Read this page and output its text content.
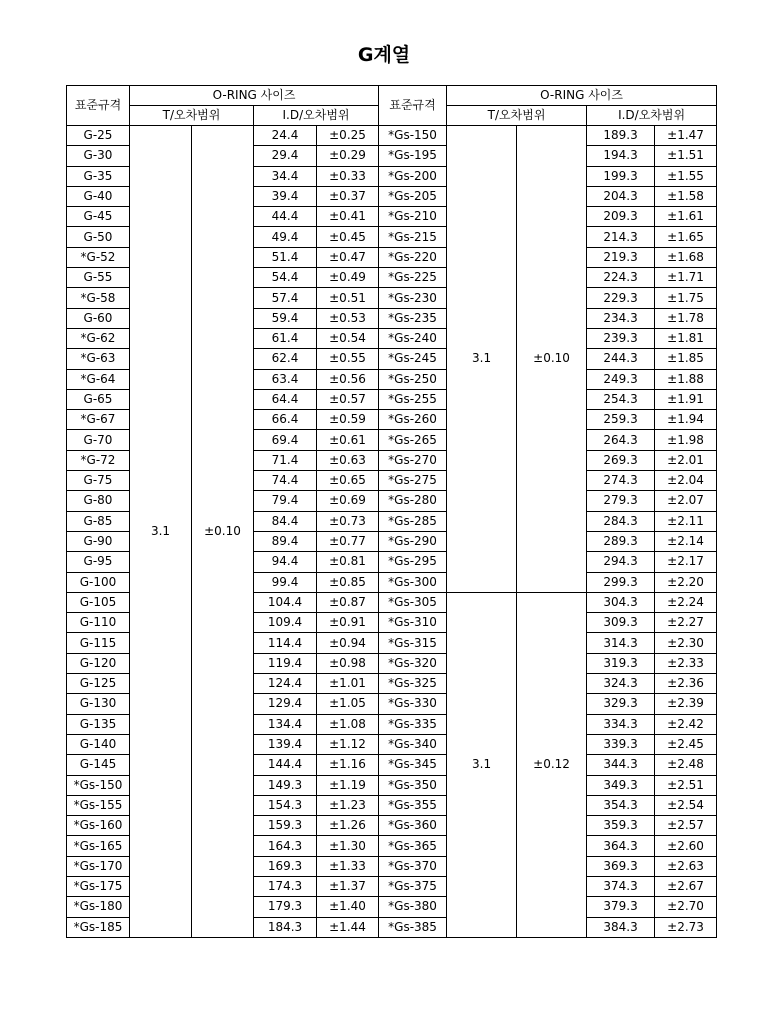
G계열
표준규격	O-RING 사이즈				표준규격	O-RING 사이즈			
	T/오차범위		I.D/오차범위			T/오차범위		I.D/오차범위	
G-25	3.1	±0.10	24.4	±0.25	*Gs-150	3.1	±0.10	189.3	±1.47
G-30			29.4	±0.29	*Gs-195			194.3	±1.51
G-35			34.4	±0.33	*Gs-200			199.3	±1.55
G-40			39.4	±0.37	*Gs-205			204.3	±1.58
G-45			44.4	±0.41	*Gs-210			209.3	±1.61
G-50			49.4	±0.45	*Gs-215			214.3	±1.65
*G-52			51.4	±0.47	*Gs-220			219.3	±1.68
G-55			54.4	±0.49	*Gs-225			224.3	±1.71
*G-58			57.4	±0.51	*Gs-230			229.3	±1.75
G-60			59.4	±0.53	*Gs-235			234.3	±1.78
*G-62			61.4	±0.54	*Gs-240			239.3	±1.81
*G-63			62.4	±0.55	*Gs-245			244.3	±1.85
*G-64			63.4	±0.56	*Gs-250			249.3	±1.88
G-65			64.4	±0.57	*Gs-255			254.3	±1.91
*G-67			66.4	±0.59	*Gs-260			259.3	±1.94
G-70			69.4	±0.61	*Gs-265			264.3	±1.98
*G-72			71.4	±0.63	*Gs-270			269.3	±2.01
G-75			74.4	±0.65	*Gs-275			274.3	±2.04
G-80			79.4	±0.69	*Gs-280			279.3	±2.07
G-85			84.4	±0.73	*Gs-285			284.3	±2.11
G-90			89.4	±0.77	*Gs-290			289.3	±2.14
G-95			94.4	±0.81	*Gs-295			294.3	±2.17
G-100			99.4	±0.85	*Gs-300			299.3	±2.20
G-105			104.4	±0.87	*Gs-305	3.1	±0.12	304.3	±2.24
G-110			109.4	±0.91	*Gs-310			309.3	±2.27
G-115			114.4	±0.94	*Gs-315			314.3	±2.30
G-120			119.4	±0.98	*Gs-320			319.3	±2.33
G-125			124.4	±1.01	*Gs-325			324.3	±2.36
G-130			129.4	±1.05	*Gs-330			329.3	±2.39
G-135			134.4	±1.08	*Gs-335			334.3	±2.42
G-140			139.4	±1.12	*Gs-340			339.3	±2.45
G-145			144.4	±1.16	*Gs-345			344.3	±2.48
*Gs-150			149.3	±1.19	*Gs-350			349.3	±2.51
*Gs-155			154.3	±1.23	*Gs-355			354.3	±2.54
*Gs-160			159.3	±1.26	*Gs-360			359.3	±2.57
*Gs-165			164.3	±1.30	*Gs-365			364.3	±2.60
*Gs-170			169.3	±1.33	*Gs-370			369.3	±2.63
*Gs-175			174.3	±1.37	*Gs-375			374.3	±2.67
*Gs-180			179.3	±1.40	*Gs-380			379.3	±2.70
*Gs-185			184.3	±1.44	*Gs-385			384.3	±2.73
